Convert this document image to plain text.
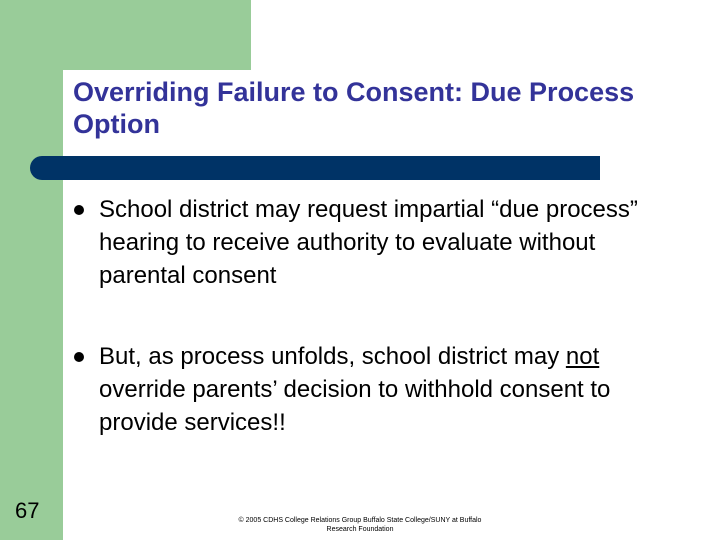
Overriding Failure to Consent: Due Process Option
School district may request impartial “due process” hearing to receive authority to evaluate without parental consent
But, as process unfolds, school district may not override parents’ decision to withhold consent to provide services!!
67	© 2005 CDHS College Relations Group Buffalo State College/SUNY at Buffalo Research Foundation
